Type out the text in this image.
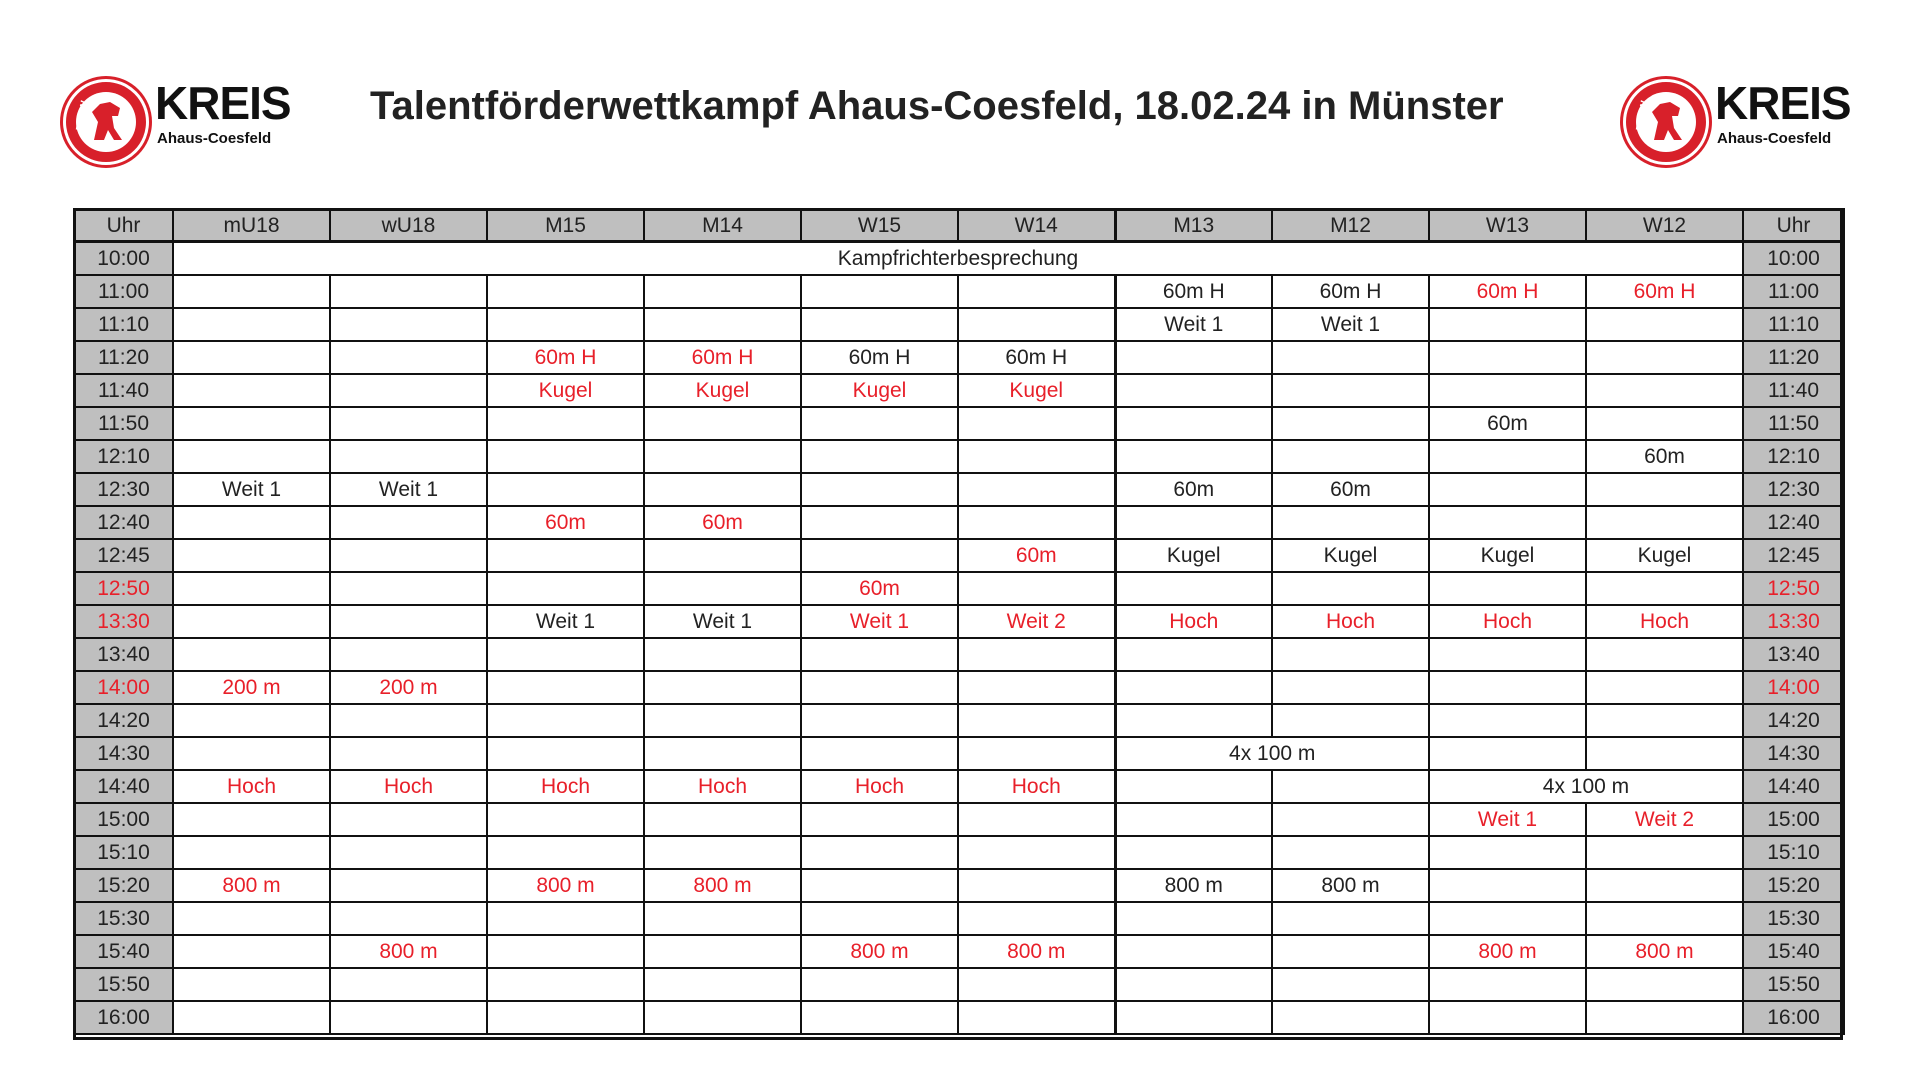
FLVW KREIS
Ahaus-Coesfeld
Talentförderwettkampf Ahaus-Coesfeld, 18.02.24 in Münster	FLVW KREIS
Ahaus-Coesfeld
Uhr	mU18	wU18	M15	M14	W15	W14	M13	M12	W13	W12	Uhr
10:00	Kampfrichterbesprechung										10:00
11:00							60m H	60m H	60m H	60m H	11:00
11:10							Weit 1	Weit 1			11:10
11:20			60m H	60m H	60m H	60m H					11:20
11:40			Kugel	Kugel	Kugel	Kugel					11:40
11:50									60m		11:50
12:10										60m	12:10
12:30	Weit 1	Weit 1					60m	60m			12:30
12:40			60m	60m							12:40
12:45						60m	Kugel	Kugel	Kugel	Kugel	12:45
12:50					60m						12:50
13:30			Weit 1	Weit 1	Weit 1	Weit 2	Hoch	Hoch	Hoch	Hoch	13:30
13:40											13:40
14:00	200 m	200 m									14:00
14:20											14:20
14:30							4x 100 m				14:30
14:40	Hoch	Hoch	Hoch	Hoch	Hoch	Hoch			4x 100 m		14:40
15:00									Weit 1	Weit 2	15:00
15:10											15:10
15:20	800 m		800 m	800 m			800 m	800 m			15:20
15:30											15:30
15:40		800 m			800 m	800 m			800 m	800 m	15:40
15:50											15:50
16:00											16:00
